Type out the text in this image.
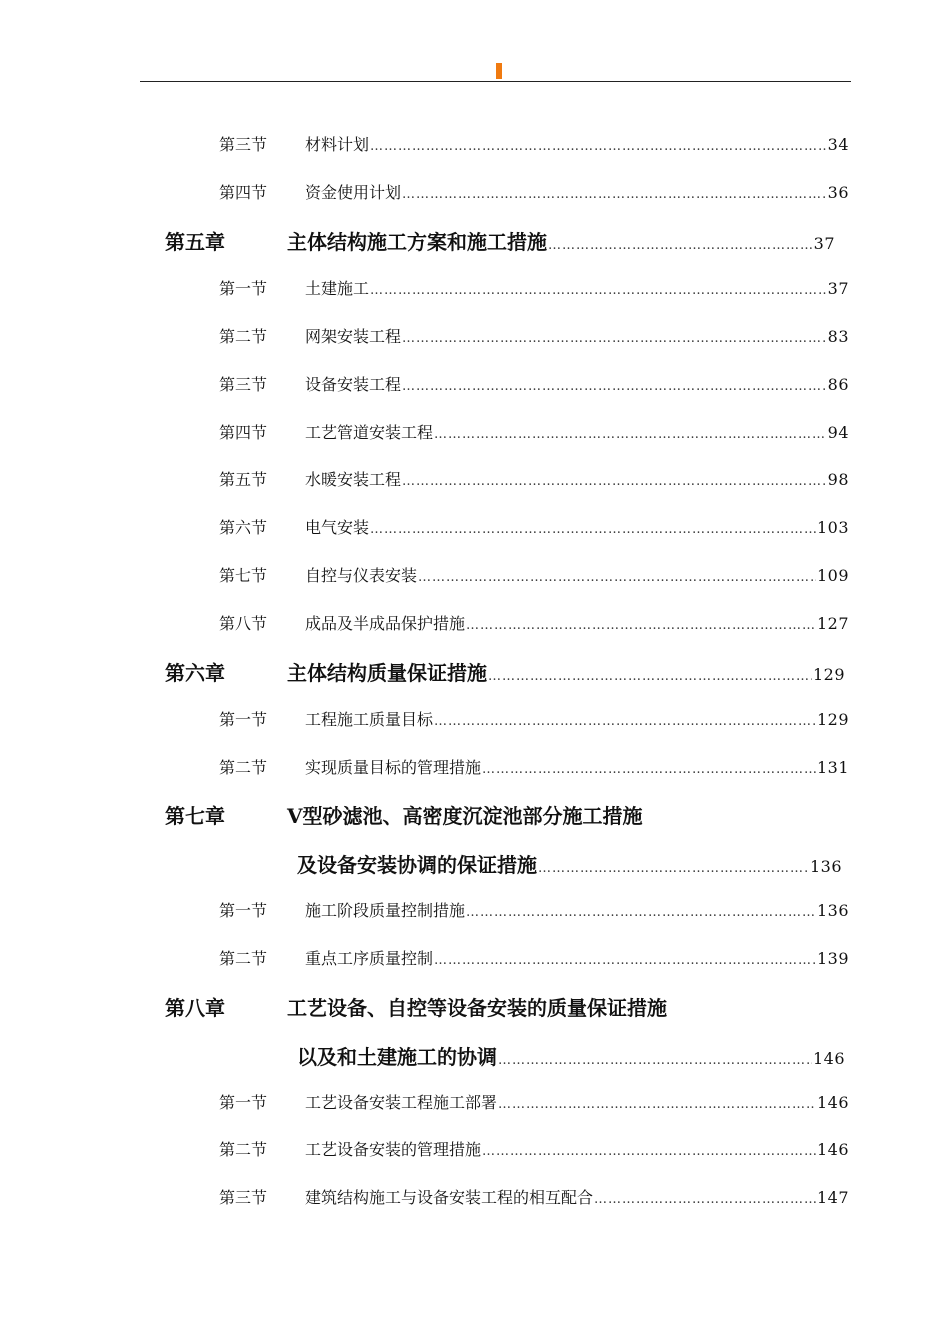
第三节	材料计划 ………………………………………………………………………………………………………………………………………………………	34
第四节	资金使用计划 ………………………………………………………………………………………………………………………………………………………	36
第五章	主体结构施工方案和施工措施 ………………………………………………………………………………………………………………………………………………………	37
第一节	土建施工 ………………………………………………………………………………………………………………………………………………………	37
第二节	网架安装工程 ………………………………………………………………………………………………………………………………………………………	83
第三节	设备安装工程 ………………………………………………………………………………………………………………………………………………………	86
第四节	工艺管道安装工程 ………………………………………………………………………………………………………………………………………………………	94
第五节	水暖安装工程 ………………………………………………………………………………………………………………………………………………………	98
第六节	电气安装 ………………………………………………………………………………………………………………………………………………………	103
第七节	自控与仪表安装 ………………………………………………………………………………………………………………………………………………………	109
第八节	成品及半成品保护措施 ………………………………………………………………………………………………………………………………………………………	127
第六章	主体结构质量保证措施 ………………………………………………………………………………………………………………………………………………………	129
第一节	工程施工质量目标 ………………………………………………………………………………………………………………………………………………………	129
第二节	实现质量目标的管理措施 ………………………………………………………………………………………………………………………………………………………	131
第七章	V型砂滤池、高密度沉淀池部分施工措施
及设备安装协调的保证措施 ………………………………………………………………………………………………………………………………………………………	136
第一节	施工阶段质量控制措施 ………………………………………………………………………………………………………………………………………………………	136
第二节	重点工序质量控制 ………………………………………………………………………………………………………………………………………………………	139
第八章	工艺设备、自控等设备安装的质量保证措施
以及和土建施工的协调 ………………………………………………………………………………………………………………………………………………………	146
第一节	工艺设备安装工程施工部署 ………………………………………………………………………………………………………………………………………………………	146
第二节	工艺设备安装的管理措施 ………………………………………………………………………………………………………………………………………………………	146
第三节	建筑结构施工与设备安装工程的相互配合 ………………………………………………………………………………………………………………………………………………………	147
